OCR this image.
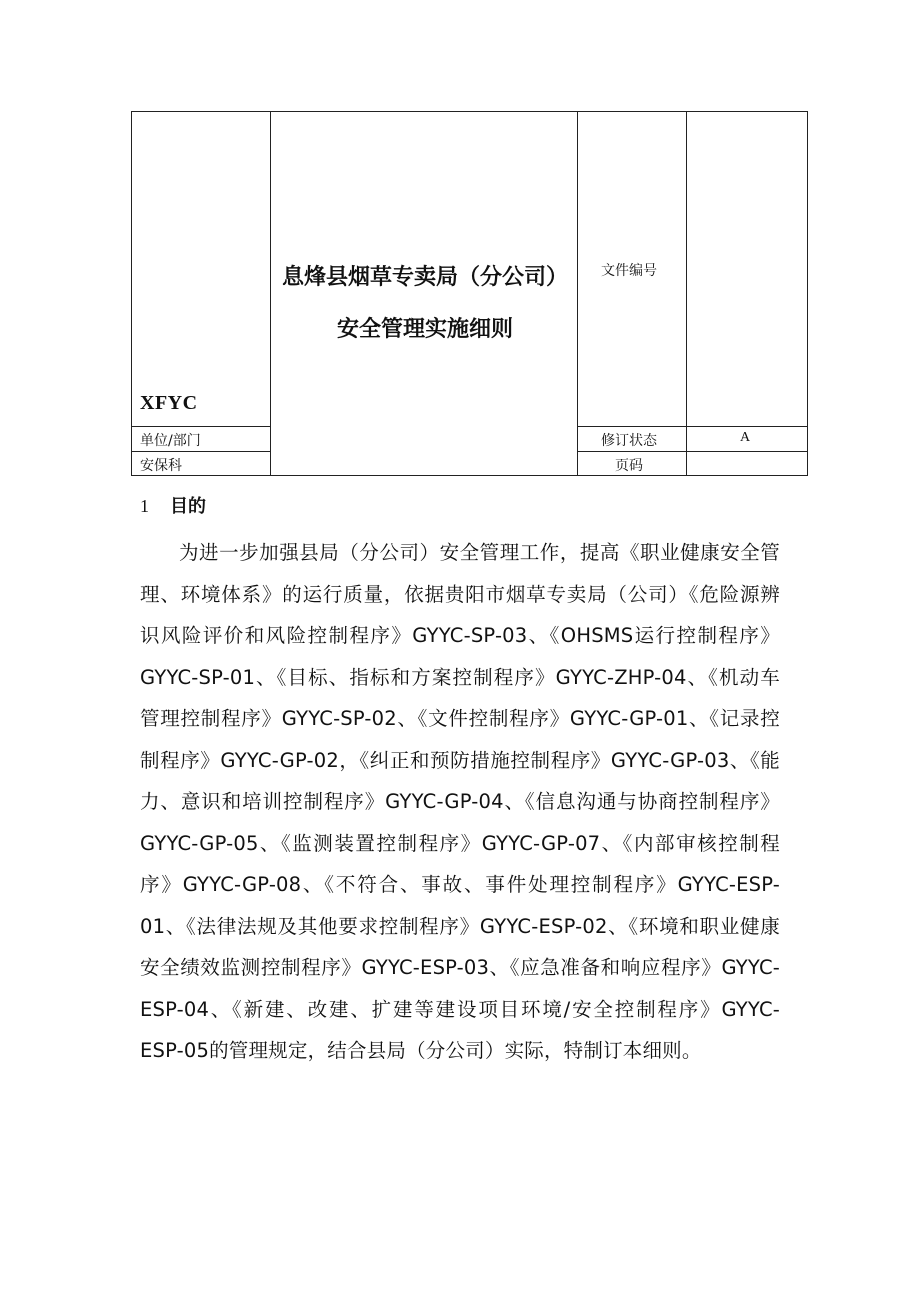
XFYC
息烽县烟草专卖局（分公司）安全管理实施细则
文件编号
单位/部门
安保科
修订状态	A
页码
1 目的

为进一步加强县局（分公司）安全管理工作，提高《职业健康安全管理、环境体系》的运行质量，依据贵阳市烟草专卖局（公司）《危险源辨识风险评价和风险控制程序》GYYC-SP-03、《OHSMS运行控制程序》GYYC-SP-01、《目标、指标和方案控制程序》GYYC-ZHP-04、《机动车管理控制程序》GYYC-SP-02、《文件控制程序》GYYC-GP-01、《记录控制程序》GYYC-GP-02，《纠正和预防措施控制程序》GYYC-GP-03、《能力、意识和培训控制程序》GYYC-GP-04、《信息沟通与协商控制程序》GYYC-GP-05、《监测装置控制程序》GYYC-GP-07、《内部审核控制程序》GYYC-GP-08、《不符合、事故、事件处理控制程序》GYYC-ESP-01、《法律法规及其他要求控制程序》GYYC-ESP-02、《环境和职业健康安全绩效监测控制程序》GYYC-ESP-03、《应急准备和响应程序》GYYC-ESP-04、《新建、改建、扩建等建设项目环境/安全控制程序》GYYC-ESP-05的管理规定，结合县局（分公司）实际，特制订本细则。
